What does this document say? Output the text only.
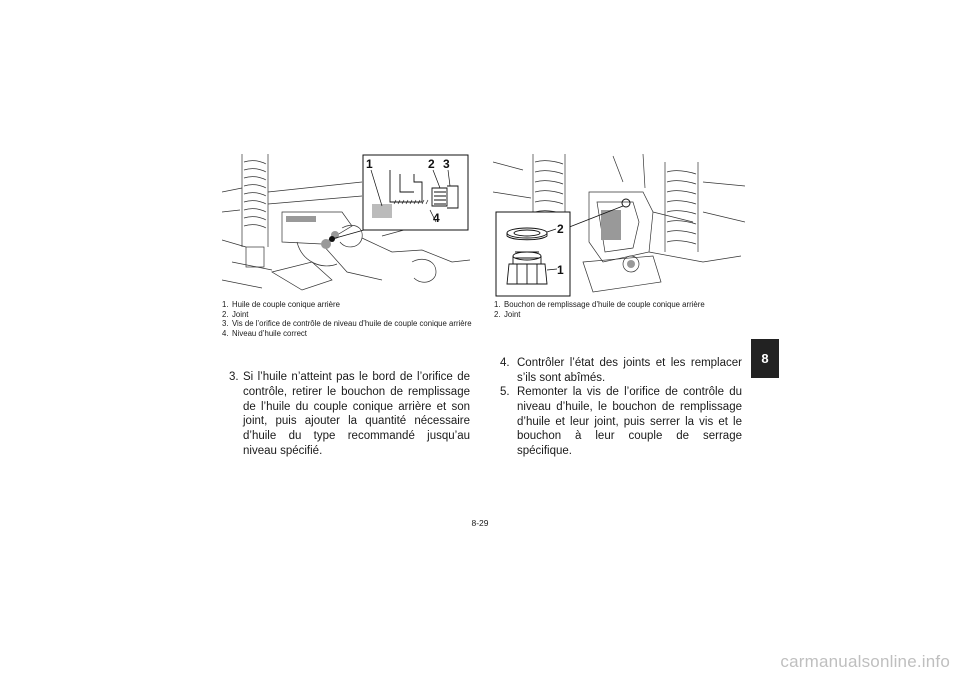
1	2 3
4
2
1
1. Huile de couple conique arrière
2. Joint
3. Vis de l’orifice de contrôle de niveau d’huile de couple conique arrière
4. Niveau d’huile correct
1. Bouchon de remplissage d’huile de couple conique arrière
2. Joint
3. Si l’huile n’atteint pas le bord de l’orifice de contrôle, retirer le bouchon de remplissage de l’huile du couple conique arrière et son joint, puis ajouter la quantité nécessaire d’huile du type recommandé jusqu’au niveau spécifié.
4. Contrôler l’état des joints et les remplacer s’ils sont abîmés.
5. Remonter la vis de l’orifice de contrôle du niveau d’huile, le bouchon de remplissage d’huile et leur joint, puis serrer la vis et le bouchon à leur couple de serrage spécifique.
8
8-29
carmanualsonline.info
